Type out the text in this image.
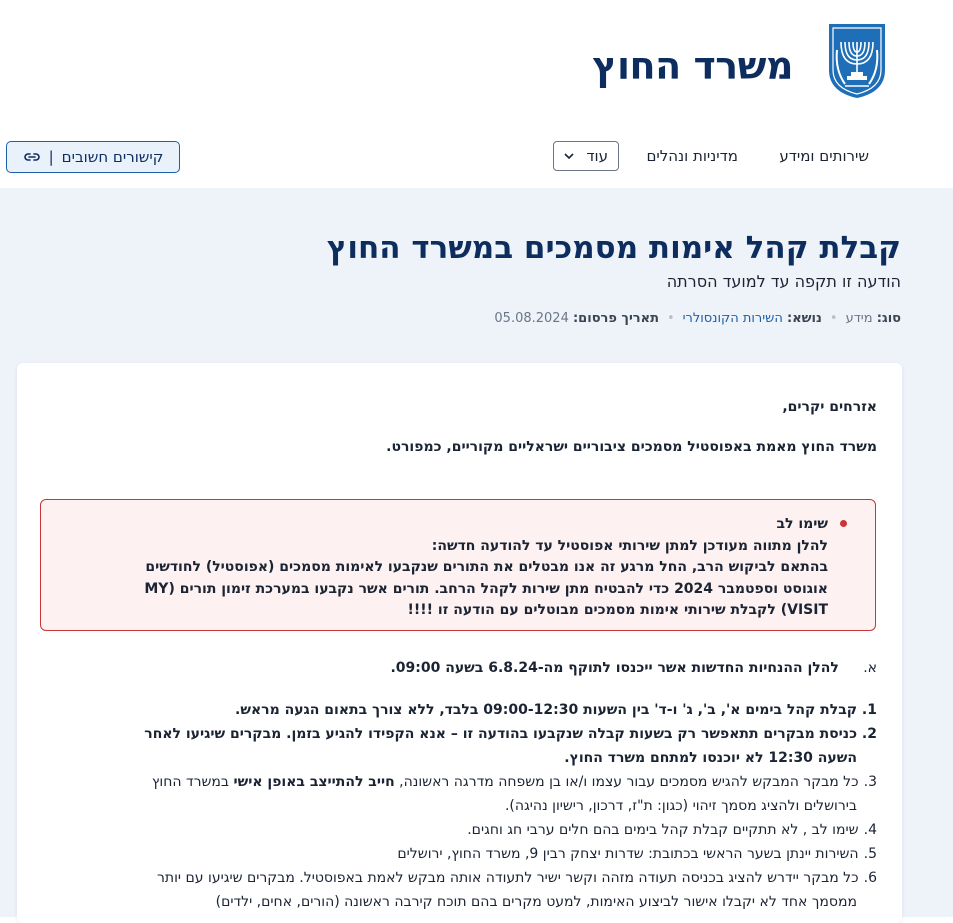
משרד החוץ
שירותים ומידע
מדיניות ונהלים
עוד
קישורים חשובים
|
קבלת קהל אימות מסמכים במשרד החוץ
הודעה זו תקפה עד למועד הסרתה
סוג: מידע
•
נושא: השירות הקונסולרי
•
תאריך פרסום: 05.08.2024
אזרחים יקרים,
משרד החוץ מאמת באפוסטיל מסמכים ציבוריים ישראליים מקוריים, כמפורט.
שימו לב
להלן מתווה מעודכן למתן שירותי אפוסטיל עד להודעה חדשה:
בהתאם לביקוש הרב, החל מרגע זה אנו מבטלים את התורים שנקבעו לאימות מסמכים (אפוסטיל) לחודשים
אוגוסט וספטמבר 2024 כדי להבטיח מתן שירות לקהל הרחב. תורים אשר נקבעו במערכת זימון תורים (MY
VISIT) לקבלת שירותי אימות מסמכים מבוטלים עם הודעה זו !!!!
א.     להלן ההנחיות החדשות אשר ייכנסו לתוקף מה-6.8.24 בשעה 09:00.
1. קבלת קהל בימים א', ב', ג' ו-ד' בין השעות 09:00-12:30 בלבד, ללא צורך בתאום הגעה מראש.
2. כניסת מבקרים תתאפשר רק בשעות קבלה שנקבעו בהודעה זו – אנא הקפידו להגיע בזמן. מבקרים שיגיעו לאחר
השעה 12:30 לא יוכנסו למתחם משרד החוץ.
3. כל מבקר המבקש להגיש מסמכים עבור עצמו ו/או בן משפחה מדרגה ראשונה, חייב להתייצב באופן אישי במשרד החוץ
בירושלים ולהציג מסמך זיהוי (כגון: ת"ז, דרכון, רישיון נהיגה).
4. שימו לב , לא תתקיים קבלת קהל בימים בהם חלים ערבי חג וחגים.
5. השירות יינתן בשער הראשי בכתובת: שדרות יצחק רבין 9, משרד החוץ, ירושלים
6. כל מבקר יידרש להציג בכניסה תעודה מזהה וקשר ישיר לתעודה אותה מבקש לאמת באפוסטיל. מבקרים שיגיעו עם יותר
ממסמך אחד לא יקבלו אישור לביצוע האימות, למעט מקרים בהם תוכח קירבה ראשונה (הורים, אחים, ילדים)
